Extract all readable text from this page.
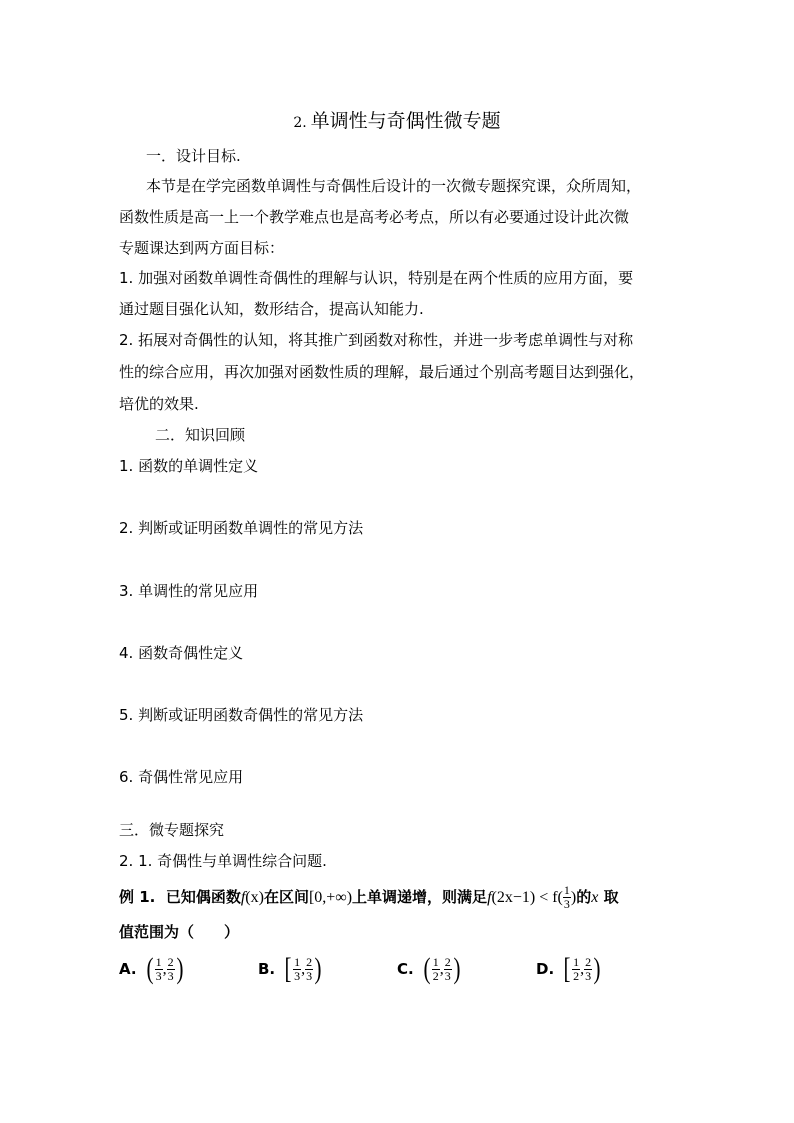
2. 单调性与奇偶性微专题
一．设计目标.
本节是在学完函数单调性与奇偶性后设计的一次微专题探究课，众所周知，
函数性质是高一上一个教学难点也是高考必考点，所以有必要通过设计此次微
专题课达到两方面目标：
1. 加强对函数单调性奇偶性的理解与认识，特别是在两个性质的应用方面，要
通过题目强化认知，数形结合，提高认知能力.
2. 拓展对奇偶性的认知，将其推广到函数对称性，并进一步考虑单调性与对称
性的综合应用，再次加强对函数性质的理解，最后通过个别高考题目达到强化，
培优的效果.
二．知识回顾
1. 函数的单调性定义
2. 判断或证明函数单调性的常见方法
3. 单调性的常见应用
4. 函数奇偶性定义
5. 判断或证明函数奇偶性的常见方法
6. 奇偶性常见应用
三．微专题探究
2. 1. 奇偶性与单调性综合问题.
例 1. 已知偶函数f(x)在区间[0,+∞)上单调递增，则满足$f(2x-1) < f( \frac{1}{3}$ )的x 取
值范围为（　　）
A. ( $\frac{1}{3}$ , $\frac{2}{3}$ )	B. [ $\frac{1}{3}$ , $\frac{2}{3}$ )	C. ( $\frac{1}{2}$ , $\frac{2}{3}$ )	D. [ $\frac{1}{2}$ , $\frac{2}{3}$ )
